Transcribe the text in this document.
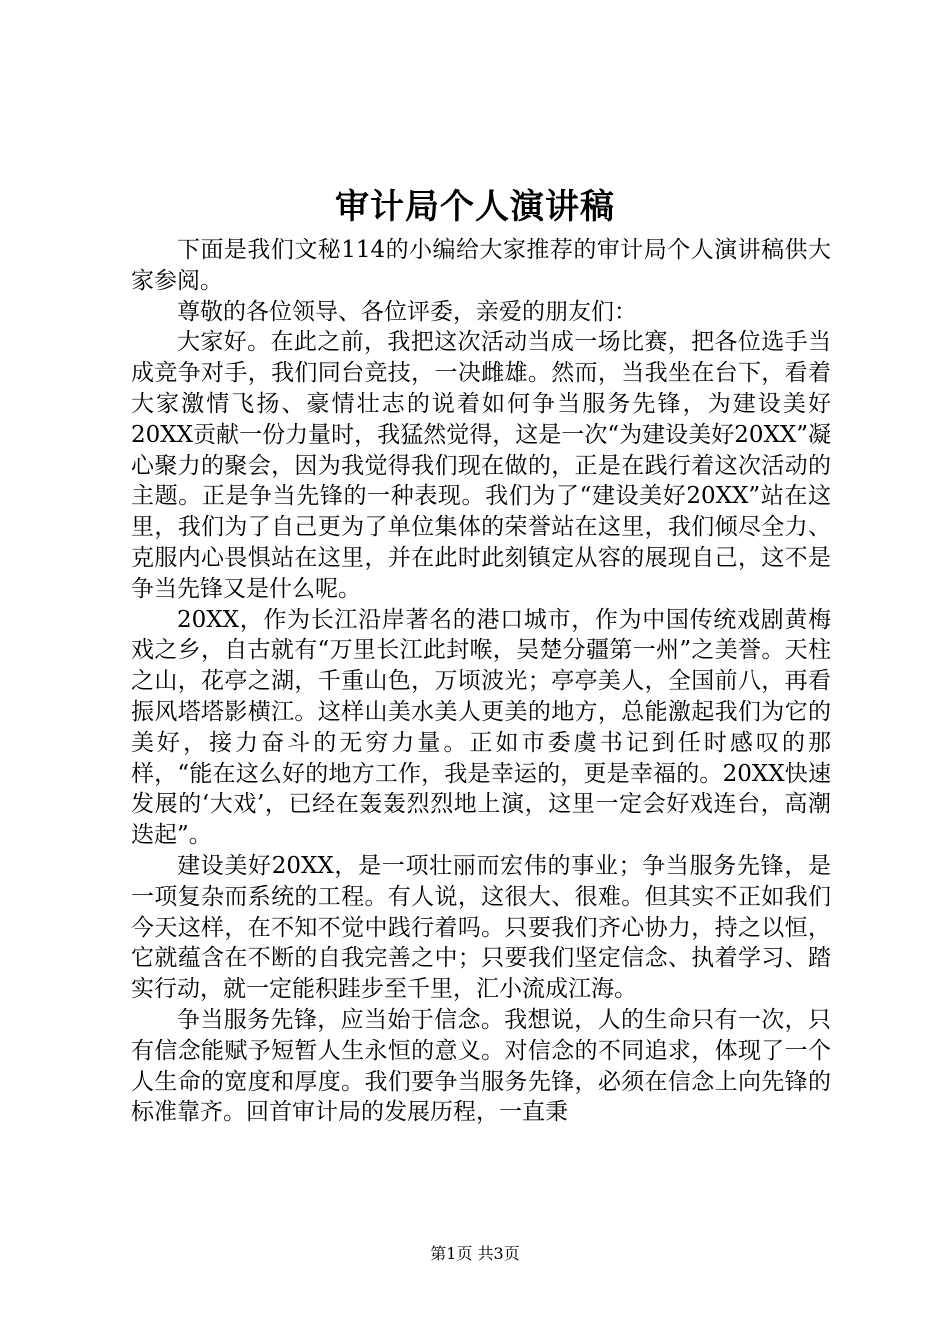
审计局个人演讲稿

下面是我们文秘114的小编给大家推荐的审计局个人演讲稿供大家参阅。

尊敬的各位领导、各位评委，亲爱的朋友们：

大家好。在此之前，我把这次活动当成一场比赛，把各位选手当成竞争对手，我们同台竞技，一决雌雄。然而，当我坐在台下，看着大家激情飞扬、豪情壮志的说着如何争当服务先锋，为建设美好20XX贡献一份力量时，我猛然觉得，这是一次“为建设美好20XX”凝心聚力的聚会，因为我觉得我们现在做的，正是在践行着这次活动的主题。正是争当先锋的一种表现。我们为了“建设美好20XX”站在这里，我们为了自己更为了单位集体的荣誉站在这里，我们倾尽全力、克服内心畏惧站在这里，并在此时此刻镇定从容的展现自己，这不是争当先锋又是什么呢。

20XX，作为长江沿岸著名的港口城市，作为中国传统戏剧黄梅戏之乡，自古就有“万里长江此封喉，吴楚分疆第一州”之美誉。天柱之山，花亭之湖，千重山色，万顷波光；亭亭美人，全国前八，再看振风塔塔影横江。这样山美水美人更美的地方，总能激起我们为它的美好，接力奋斗的无穷力量。正如市委虞书记到任时感叹的那样，“能在这么好的地方工作，我是幸运的，更是幸福的。20XX快速发展的‘大戏’，已经在轰轰烈烈地上演，这里一定会好戏连台，高潮迭起”。

建设美好20XX，是一项壮丽而宏伟的事业；争当服务先锋，是一项复杂而系统的工程。有人说，这很大、很难。但其实不正如我们今天这样，在不知不觉中践行着吗。只要我们齐心协力，持之以恒，它就蕴含在不断的自我完善之中；只要我们坚定信念、执着学习、踏实行动，就一定能积跬步至千里，汇小流成江海。

争当服务先锋，应当始于信念。我想说，人的生命只有一次，只有信念能赋予短暂人生永恒的意义。对信念的不同追求，体现了一个人生命的宽度和厚度。我们要争当服务先锋，必须在信念上向先锋的标准靠齐。回首审计局的发展历程，一直秉

第1页 共3页
